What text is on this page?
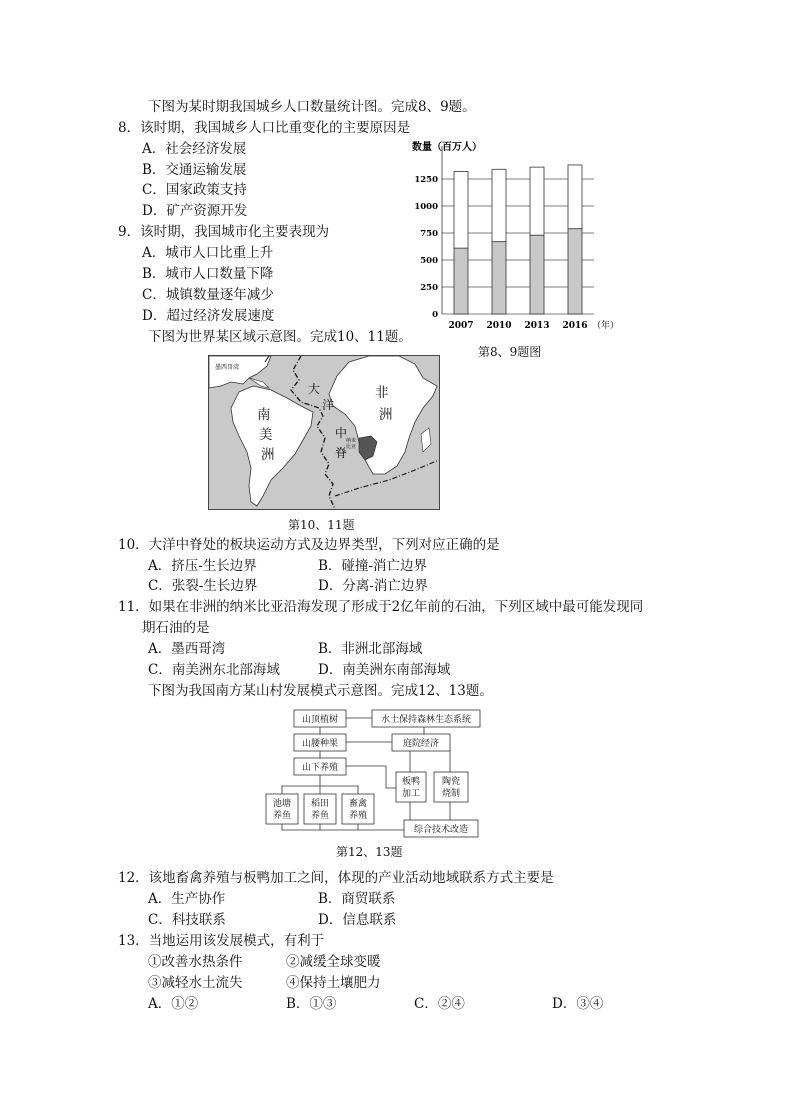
下图为某时期我国城乡人口数量统计图。完成8、9题。
8．该时期，我国城乡人口比重变化的主要原因是
A．社会经济发展
B．交通运输发展
C．国家政策支持
D．矿产资源开发
9．该时期，我国城市化主要表现为
A．城市人口比重上升
B．城市人口数量下降
C．城镇数量逐年减少
D．超过经济发展速度
数量（百万人）
0
250
500
750
1000
1250
2007 2010 2013 2016 （年）
第8、9题图
下图为世界某区域示意图。完成10、11题。
墨西哥湾
南
美
洲
大
洋
中
脊
非
洲
纳米比亚
第10、11题
10．大洋中脊处的板块运动方式及边界类型，下列对应正确的是
A．挤压-生长边界	B．碰撞-消亡边界
C．张裂-生长边界	D．分离-消亡边界
11．如果在非洲的纳米比亚沿海发现了形成于2亿年前的石油，下列区域中最可能发现同
期石油的是
A．墨西哥湾	B．非洲北部海域
C．南美洲东北部海域	D．南美洲东南部海域
下图为我国南方某山村发展模式示意图。完成12、13题。
山顶植树	水土保持森林生态系统
山腰种果	庭院经济
山下养殖
板鸭
加工
陶瓷
烧制
池塘
养鱼
稻田
养鱼
畜禽
养殖
综合技术改造
第12、13题
12．该地畜禽养殖与板鸭加工之间，体现的产业活动地域联系方式主要是
A．生产协作	B．商贸联系
C．科技联系	D．信息联系
13．当地运用该发展模式，有利于
①改善水热条件	②减缓全球变暖
③减轻水土流失	④保持土壤肥力
A．①②	B．①③	C．②④	D．③④
